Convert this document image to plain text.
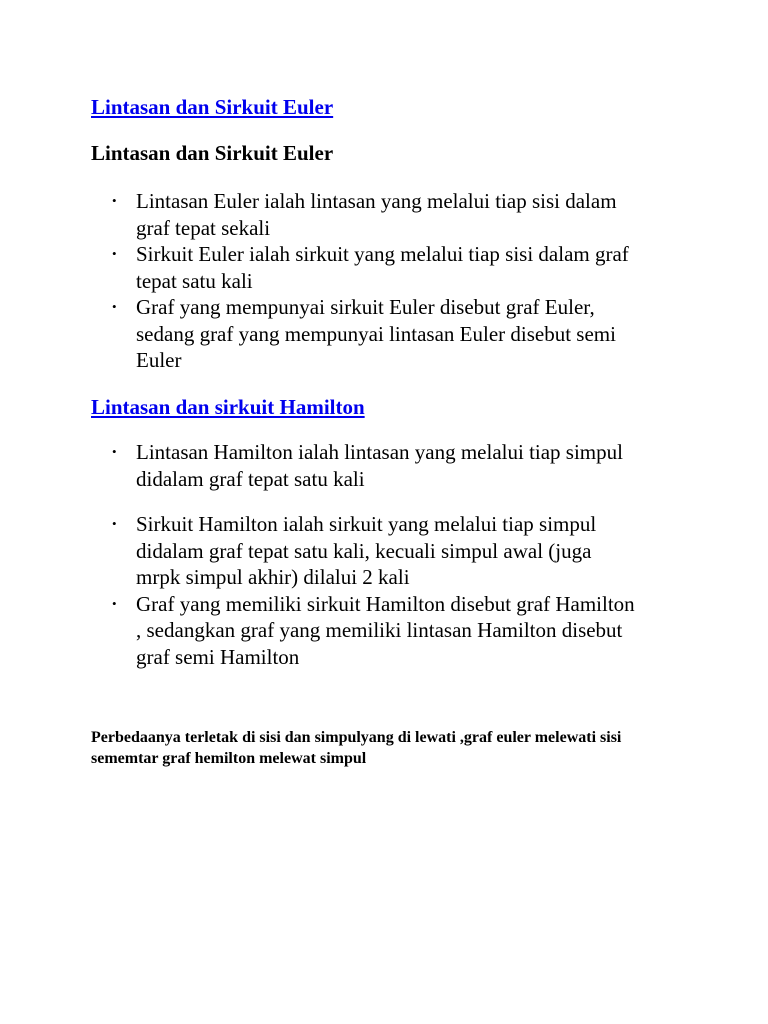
Lintasan dan Sirkuit Euler
Lintasan dan Sirkuit Euler
• Lintasan Euler ialah lintasan yang melalui tiap sisi dalam
graf tepat sekali
• Sirkuit Euler ialah sirkuit yang melalui tiap sisi dalam graf
tepat satu kali
• Graf yang mempunyai sirkuit Euler disebut graf Euler,
sedang graf yang mempunyai lintasan Euler disebut semi
Euler
Lintasan dan sirkuit Hamilton
• Lintasan Hamilton ialah lintasan yang melalui tiap simpul
didalam graf tepat satu kali
• Sirkuit Hamilton ialah sirkuit yang melalui tiap simpul
didalam graf tepat satu kali, kecuali simpul awal (juga
mrpk simpul akhir) dilalui 2 kali
• Graf yang memiliki sirkuit Hamilton disebut graf Hamilton
, sedangkan graf yang memiliki lintasan Hamilton disebut
graf semi Hamilton
Perbedaanya terletak di sisi dan simpulyang di lewati ,graf euler melewati sisi
sememtar graf hemilton melewat simpul
